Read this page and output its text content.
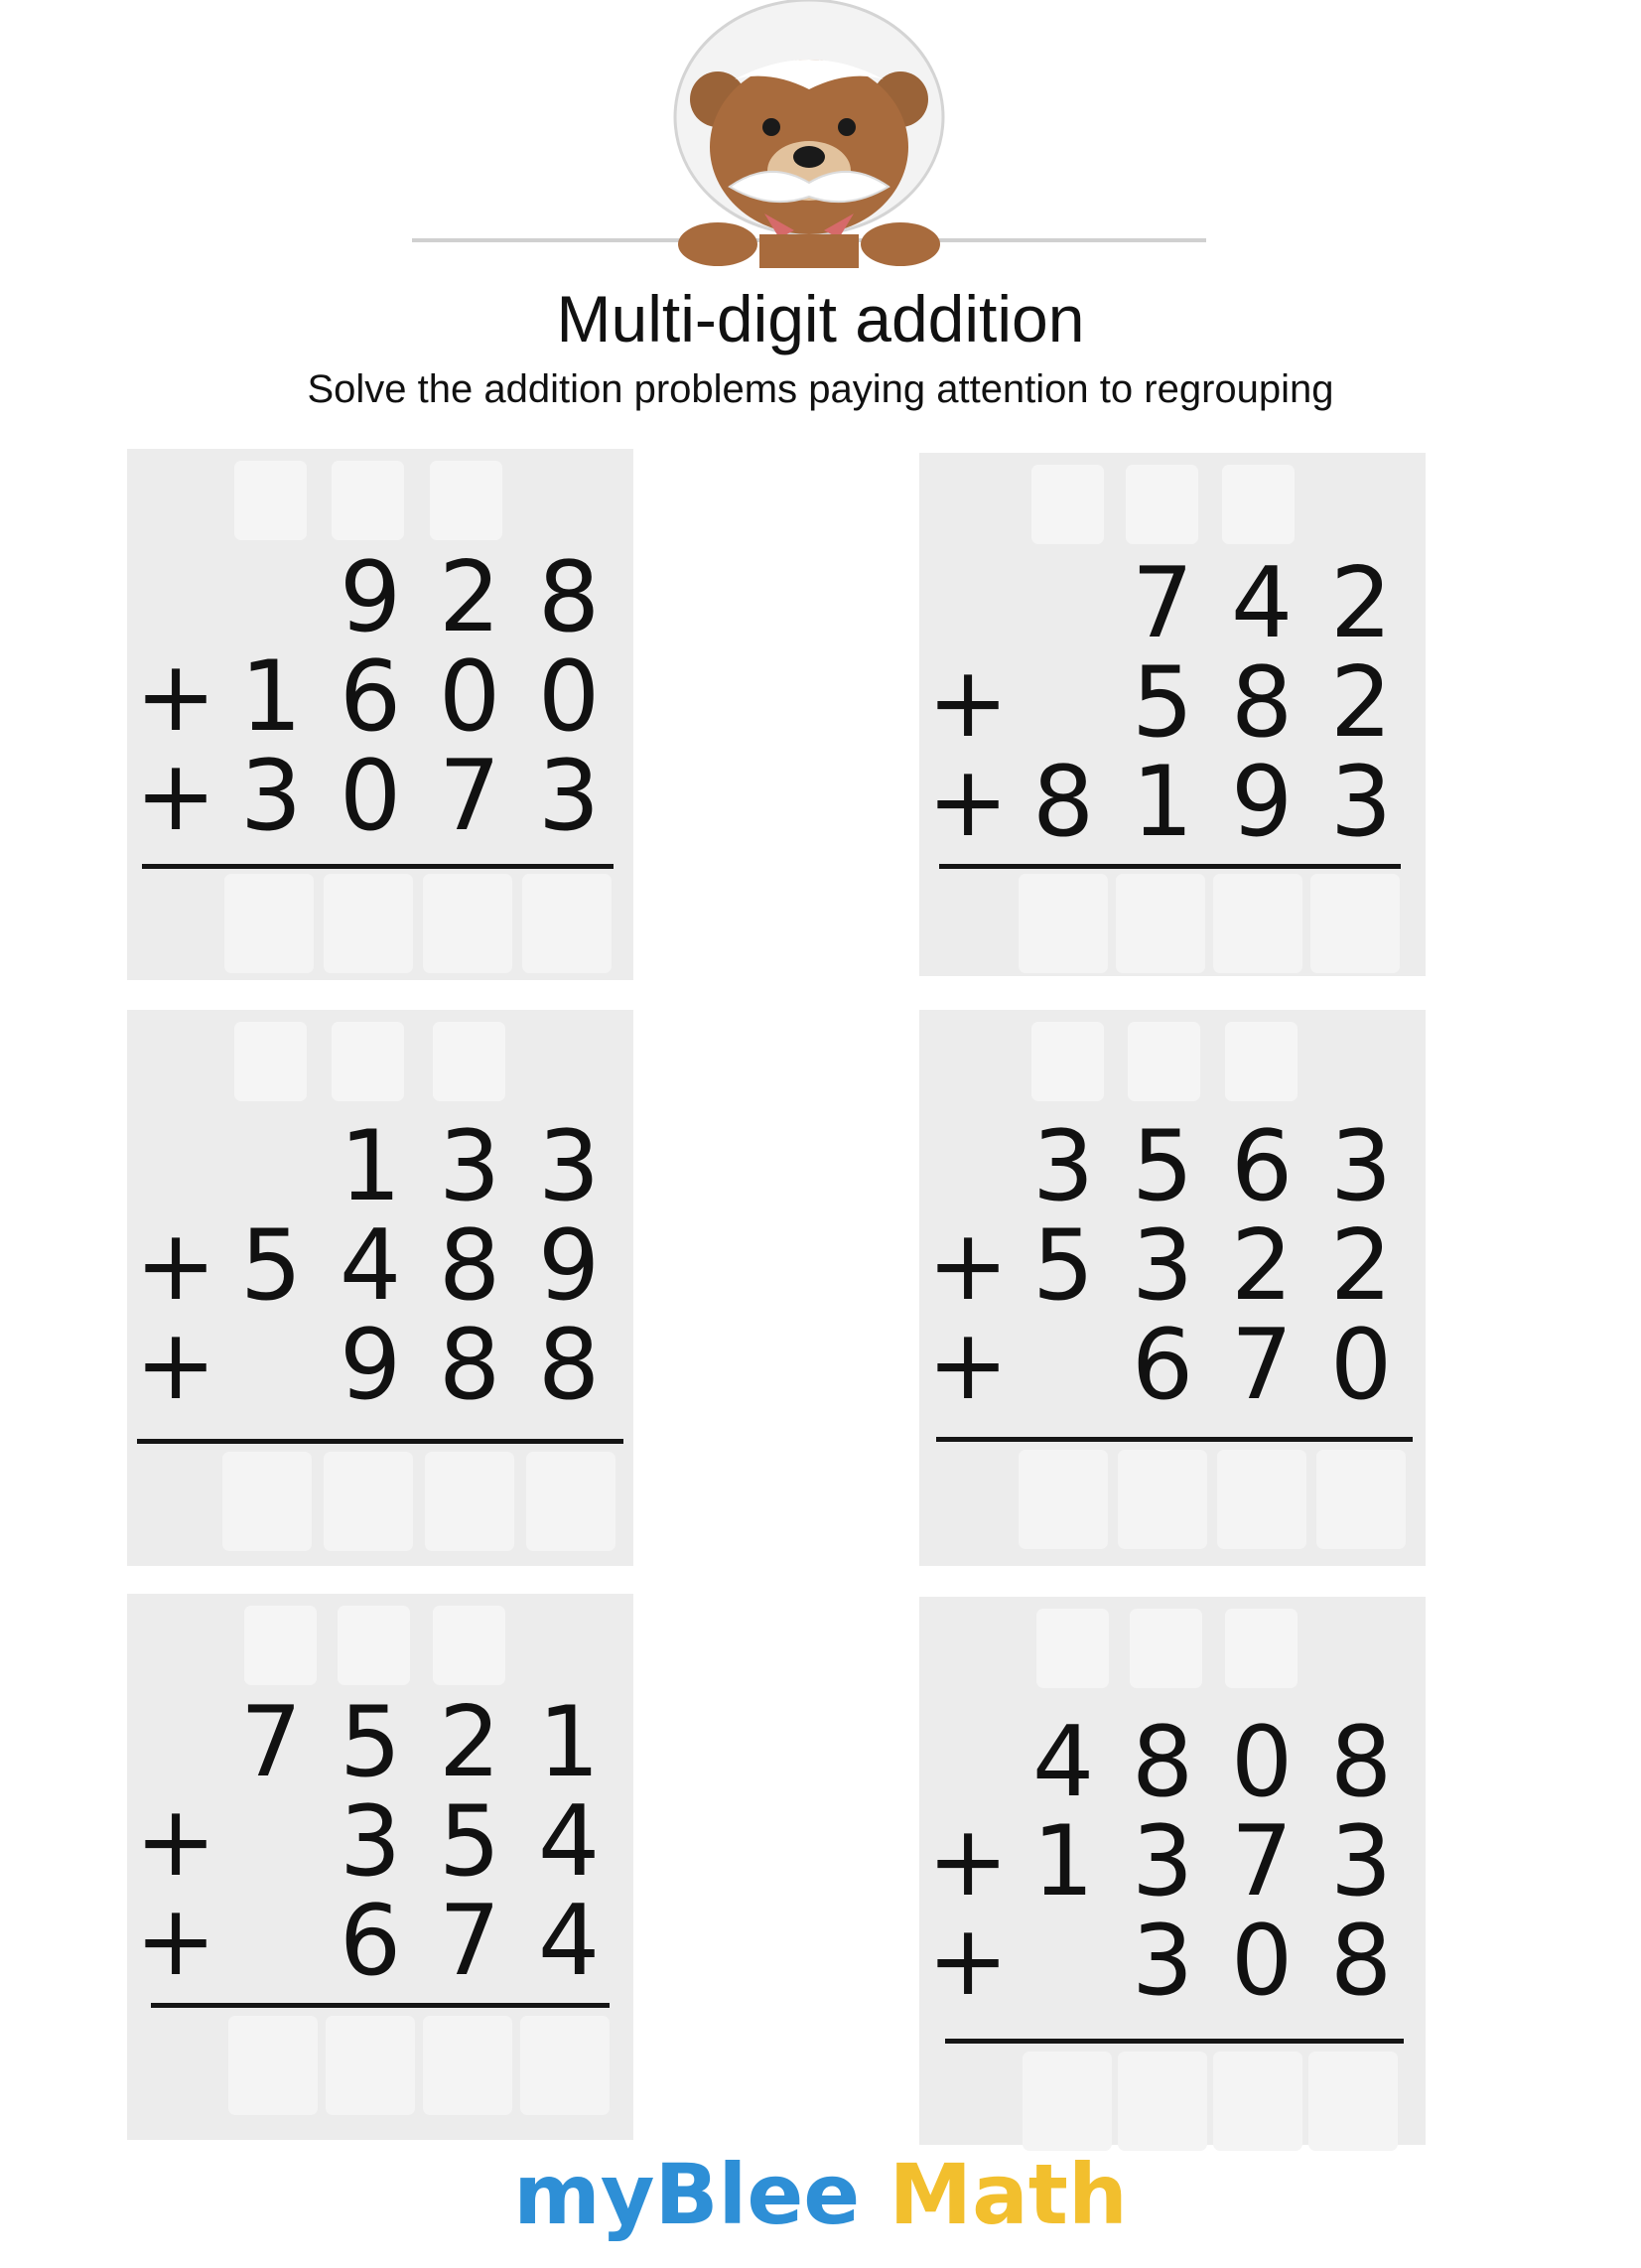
Multi-digit addition
Solve the addition problems paying attention to regrouping
9 2 8
+ 1 6 0 0
+ 3 0 7 3
7 4 2
+ 5 8 2
+ 8 1 9 3
1 3 3
+ 5 4 8 9
+ 9 8 8
3 5 6 3
+ 5 3 2 2
+ 6 7 0
7 5 2 1
+ 3 5 4
+ 6 7 4
4 8 0 8
+ 1 3 7 3
+ 3 0 8
myBlee Math
